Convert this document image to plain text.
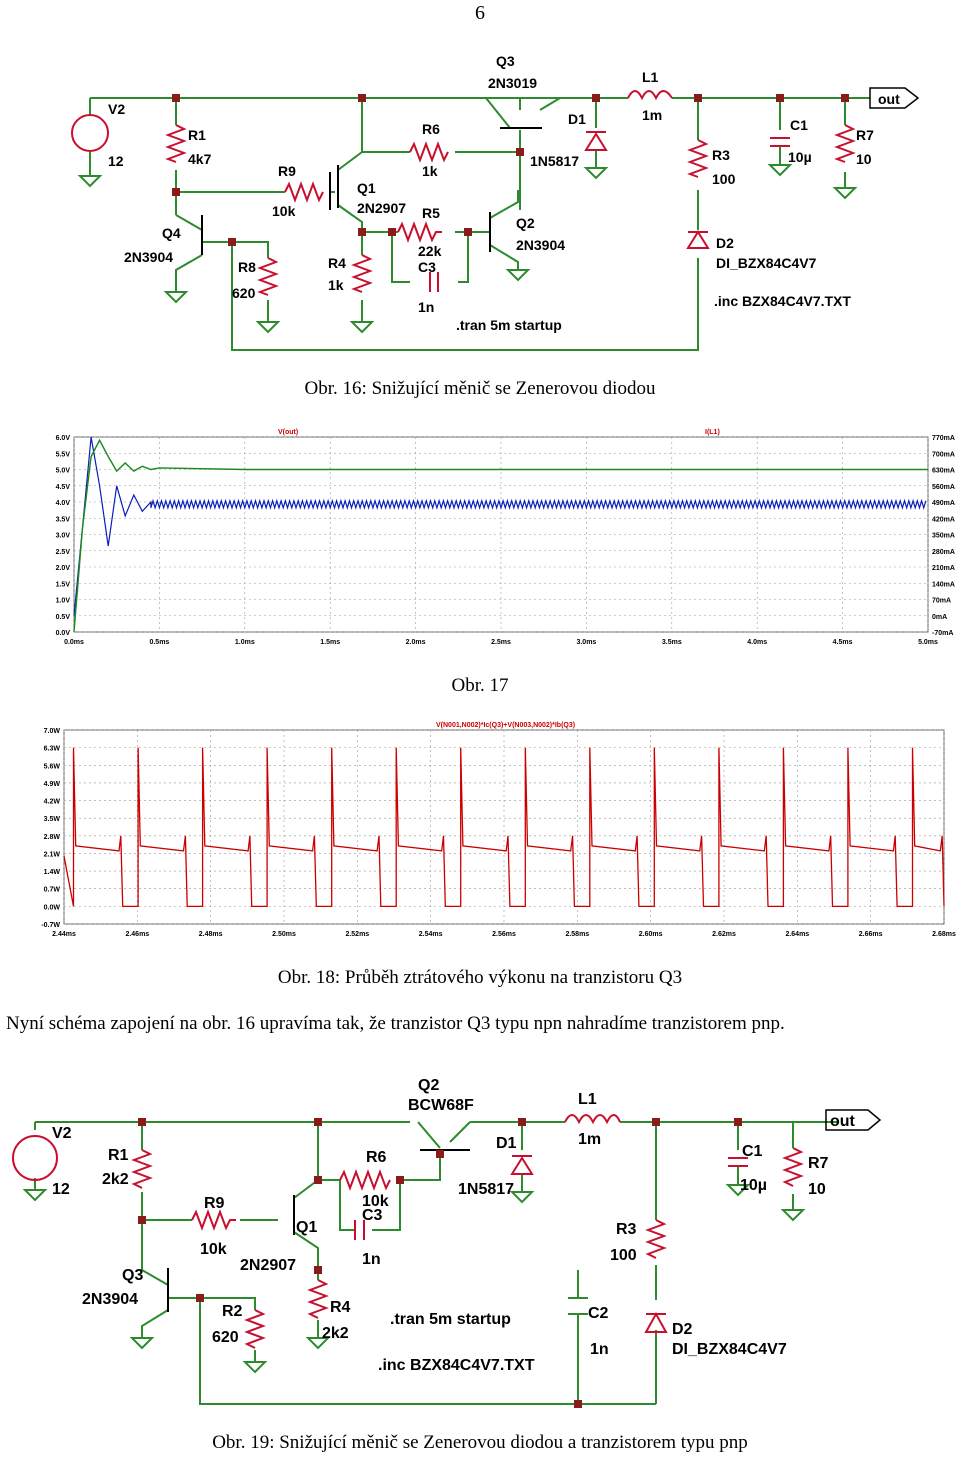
6
V2
12
R1
4k7
R9
10k
Q1
2N2907
R6
1k
R5
22k
C3
1n
Q3
2N3019
D1
1N5817
L1
1m
C1
10µ
R7
10
R3
100
D2
DI_BZX84C4V7
Q2
2N3904
Q4
2N3904
R8
620
R4
1k
out
.tran 5m startup
.inc BZX84C4V7.TXT
Obr. 16: Snižující měnič se Zenerovou diodou
6.0V
5.5V
5.0V
4.5V
4.0V
3.5V
3.0V
2.5V
2.0V
1.5V
1.0V
0.5V
0.0V
770mA
700mA
630mA
560mA
490mA
420mA
350mA
280mA
210mA
140mA
70mA
0mA
-70mA
0.0ms	0.5ms	1.0ms	1.5ms	2.0ms	2.5ms	3.0ms	3.5ms	4.0ms	4.5ms	5.0ms
V(out)	I(L1)
Obr. 17
7.0W
6.3W
5.6W
4.9W
4.2W
3.5W
2.8W
2.1W
1.4W
0.7W
0.0W
-0.7W
2.44ms	2.46ms	2.48ms	2.50ms	2.52ms	2.54ms	2.56ms	2.58ms	2.60ms	2.62ms	2.64ms	2.66ms	2.68ms
V(N001,N002)*Ic(Q3)+V(N003,N002)*Ib(Q3)
Obr. 18: Průběh ztrátového výkonu na tranzistoru Q3
Nyní schéma zapojení na obr. 16 upravíma tak, že tranzistor Q3 typu npn nahradíme tranzistorem pnp.
V2
12
R1
2k2
R9
10k
Q1
2N2907
R6
10k
C3
1n
Q2
BCW68F
D1
1N5817
L1
1m
C1
10µ
R7
10
R3
100
C2
1n
D2
DI_BZX84C4V7
Q3
2N3904
R2
620
R4
2k2
out
.tran 5m startup
.inc BZX84C4V7.TXT
Obr. 19: Snižující měnič se Zenerovou diodou a tranzistorem typu pnp
